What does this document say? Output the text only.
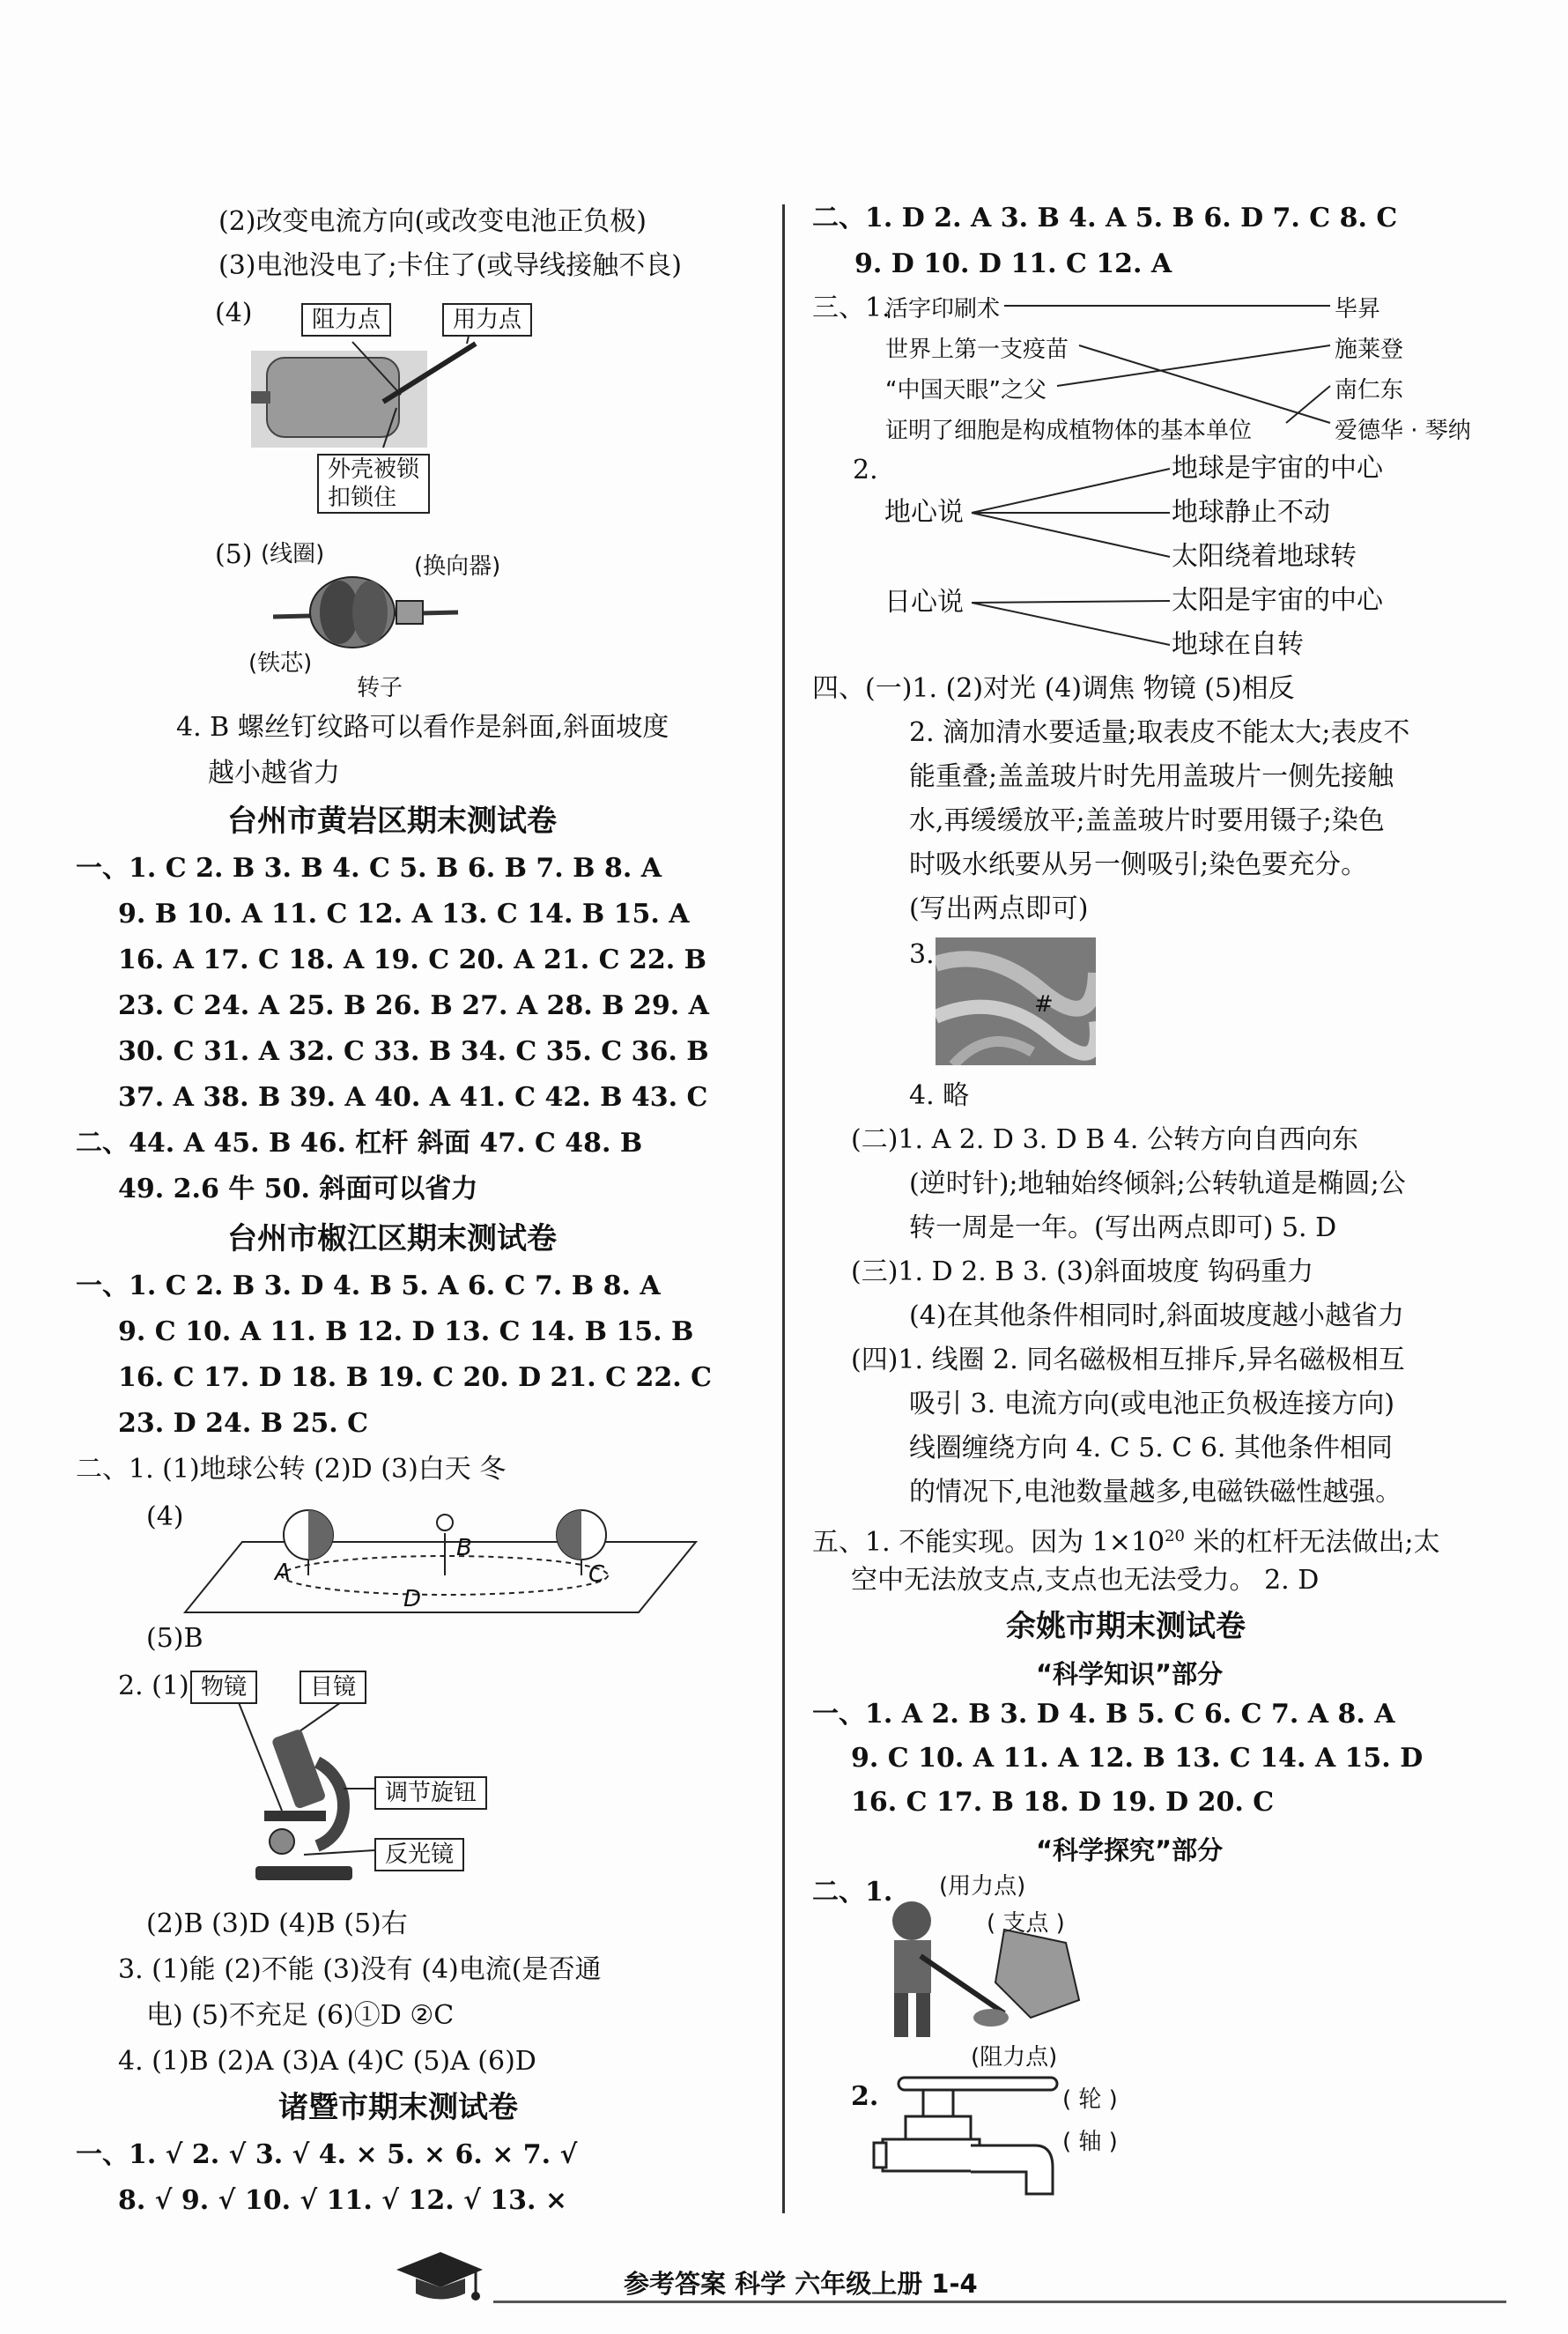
(2)改变电流方向(或改变电池正负极)
(3)电池没电了;卡住了(或导线接触不良)
(4)	阻力点	用力点
外壳被锁
扣锁住
(5) (线圈)	(换向器)
(铁芯)
转子
4. B 螺丝钉纹路可以看作是斜面,斜面坡度
越小越省力
台州市黄岩区期末测试卷
一、1. C 2. B 3. B 4. C 5. B 6. B 7. B 8. A
9. B 10. A 11. C 12. A 13. C 14. B 15. A
16. A 17. C 18. A 19. C 20. A 21. C 22. B
23. C 24. A 25. B 26. B 27. A 28. B 29. A
30. C 31. A 32. C 33. B 34. C 35. C 36. B
37. A 38. B 39. A 40. A 41. C 42. B 43. C
二、44. A 45. B 46. 杠杆 斜面 47. C 48. B
49. 2.6 牛 50. 斜面可以省力
台州市椒江区期末测试卷
一、1. C 2. B 3. D 4. B 5. A 6. C 7. B 8. A
9. C 10. A 11. B 12. D 13. C 14. B 15. B
16. C 17. D 18. B 19. C 20. D 21. C 22. C
23. D 24. B 25. C
二、1. (1)地球公转 (2)D (3)白天 冬
(4)
A
B
C
D
(5)B
2. (1) 物镜	目镜
调节旋钮
反光镜
(2)B (3)D (4)B (5)右
3. (1)能 (2)不能 (3)没有 (4)电流(是否通
电) (5)不充足 (6)①D ②C
4. (1)B (2)A (3)A (4)C (5)A (6)D
诸暨市期末测试卷
一、1. √ 2. √ 3. √ 4. × 5. × 6. × 7. √
8. √ 9. √ 10. √ 11. √ 12. √ 13. ×
二、1. D 2. A 3. B 4. A 5. B 6. D 7. C 8. C
9. D 10. D 11. C 12. A
三、1.
活字印刷术
世界上第一支疫苗
“中国天眼”之父
证明了细胞是构成植物体的基本单位
毕昇
施莱登
南仁东
爱德华 · 琴纳
2.
地心说
日心说
地球是宇宙的中心
地球静止不动
太阳绕着地球转
太阳是宇宙的中心
地球在自转
四、(一)1. (2)对光 (4)调焦 物镜 (5)相反
2. 滴加清水要适量;取表皮不能太大;表皮不
能重叠;盖盖玻片时先用盖玻片一侧先接触
水,再缓缓放平;盖盖玻片时要用镊子;染色
时吸水纸要从另一侧吸引;染色要充分。
(写出两点即可)
3.
#
4. 略
(二)1. A 2. D 3. D B 4. 公转方向自西向东
(逆时针);地轴始终倾斜;公转轨道是椭圆;公
转一周是一年。(写出两点即可) 5. D
(三)1. D 2. B 3. (3)斜面坡度 钩码重力
(4)在其他条件相同时,斜面坡度越小越省力
(四)1. 线圈 2. 同名磁极相互排斥,异名磁极相互
吸引 3. 电流方向(或电池正负极连接方向)
线圈缠绕方向 4. C 5. C 6. 其他条件相同
的情况下,电池数量越多,电磁铁磁性越强。
五、1. 不能实现。因为 $1\times 10^{20}$ 米的杠杆无法做出;太
空中无法放支点,支点也无法受力。 2. D
余姚市期末测试卷
“科学知识”部分
一、1. A 2. B 3. D 4. B 5. C 6. C 7. A 8. A
9. C 10. A 11. A 12. B 13. C 14. A 15. D
16. C 17. B 18. D 19. D 20. C
“科学探究”部分
二、1. (用力点)
( 支点 )
(阻力点)
2.	( 轮 )
( 轴 )
参考答案 科学 六年级上册 1-4
